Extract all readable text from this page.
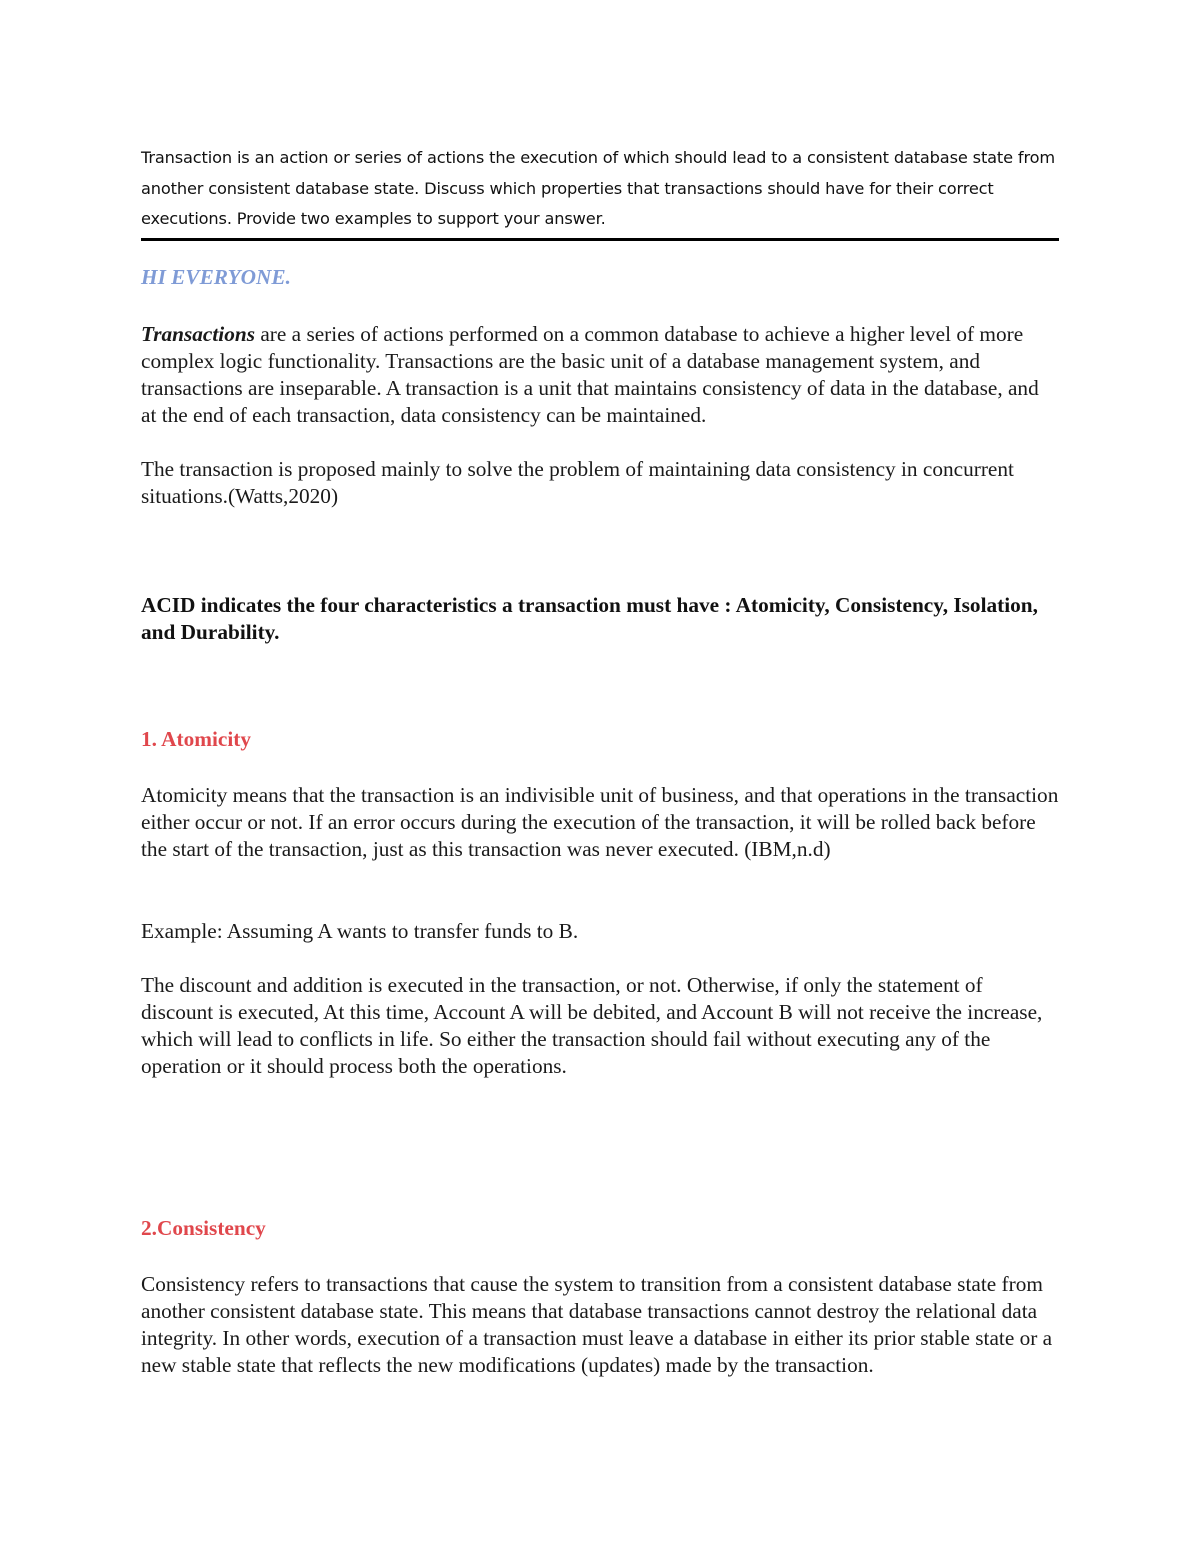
Transaction is an action or series of actions the execution of which should lead to a consistent database state from another consistent database state. Discuss which properties that transactions should have for their correct executions. Provide two examples to support your answer.

HI EVERYONE.

Transactions are a series of actions performed on a common database to achieve a higher level of more complex logic functionality. Transactions are the basic unit of a database management system, and transactions are inseparable. A transaction is a unit that maintains consistency of data in the database, and at the end of each transaction, data consistency can be maintained.

The transaction is proposed mainly to solve the problem of maintaining data consistency in concurrent situations.(Watts,2020)

ACID indicates the four characteristics a transaction must have : Atomicity, Consistency, Isolation, and Durability.

1. Atomicity

Atomicity means that the transaction is an indivisible unit of business, and that operations in the transaction either occur or not. If an error occurs during the execution of the transaction, it will be rolled back before the start of the transaction, just as this transaction was never executed. (IBM,n.d)

Example: Assuming A wants to transfer funds to B.

The discount and addition is executed in the transaction, or not. Otherwise, if only the statement of discount is executed, At this time, Account A will be debited, and Account B will not receive the increase, which will lead to conflicts in life. So either the transaction should fail without executing any of the operation or it should process both the operations.

2.Consistency

Consistency refers to transactions that cause the system to transition from a consistent database state from another consistent database state. This means that database transactions cannot destroy the relational data integrity. In other words, execution of a transaction must leave a database in either its prior stable state or a new stable state that reflects the new modifications (updates) made by the transaction.
